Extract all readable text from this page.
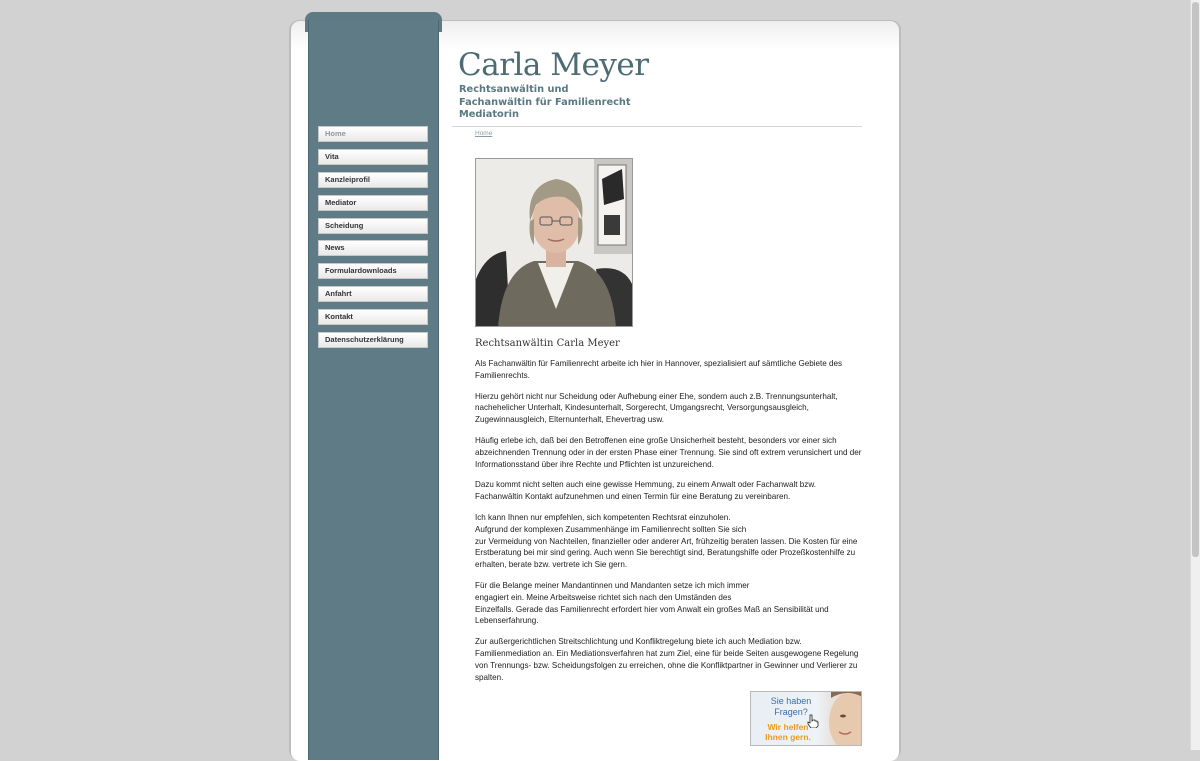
Home
Vita
Kanzleiprofil
Mediator
Scheidung
News
Formulardownloads
Anfahrt
Kontakt
Datenschutzerklärung
Carla Meyer
Rechtsanwältin und
Fachanwältin für Familienrecht
Mediatorin
Home
Rechtsanwältin Carla Meyer

Als Fachanwältin für Familienrecht arbeite ich hier in Hannover, spezialisiert auf sämtliche Gebiete des Familienrechts.

Hierzu gehört nicht nur Scheidung oder Aufhebung einer Ehe, sondern auch z.B. Trennungsunterhalt, nachehelicher Unterhalt, Kindesunterhalt, Sorgerecht, Umgangsrecht, Versorgungsausgleich, Zugewinnausgleich, Elternunterhalt, Ehevertrag usw.

Häufig erlebe ich, daß bei den Betroffenen eine große Unsicherheit besteht, besonders vor einer sich abzeichnenden Trennung oder in der ersten Phase einer Trennung. Sie sind oft extrem verunsichert und der Informationsstand über ihre Rechte und Pflichten ist unzureichend.

Dazu kommt nicht selten auch eine gewisse Hemmung, zu einem Anwalt oder Fachanwalt bzw.
Fachanwältin Kontakt aufzunehmen und einen Termin für eine Beratung zu vereinbaren.

Ich kann Ihnen nur empfehlen, sich kompetenten Rechtsrat einzuholen.
Aufgrund der komplexen Zusammenhänge im Familienrecht sollten Sie sich
zur Vermeidung von Nachteilen, finanzieller oder anderer Art, frühzeitig beraten lassen. Die Kosten für eine Erstberatung bei mir sind gering. Auch wenn Sie berechtigt sind, Beratungshilfe oder Prozeßkostenhilfe zu erhalten, berate bzw. vertrete ich Sie gern.

Für die Belange meiner Mandantinnen und Mandanten setze ich mich immer
engagiert ein. Meine Arbeitsweise richtet sich nach den Umständen des
Einzelfalls. Gerade das Familienrecht erfordert hier vom Anwalt ein großes Maß an Sensibilität und Lebenserfahrung.

Zur außergerichtlichen Streitschlichtung und Konfliktregelung biete ich auch Mediation bzw.
Familienmediation an. Ein Mediationsverfahren hat zum Ziel, eine für beide Seiten ausgewogene Regelung von Trennungs- bzw. Scheidungsfolgen zu erreichen, ohne die Konfliktpartner in Gewinner und Verlierer zu spalten.

Sie haben
Fragen?
Wir helfen
Ihnen gern.
